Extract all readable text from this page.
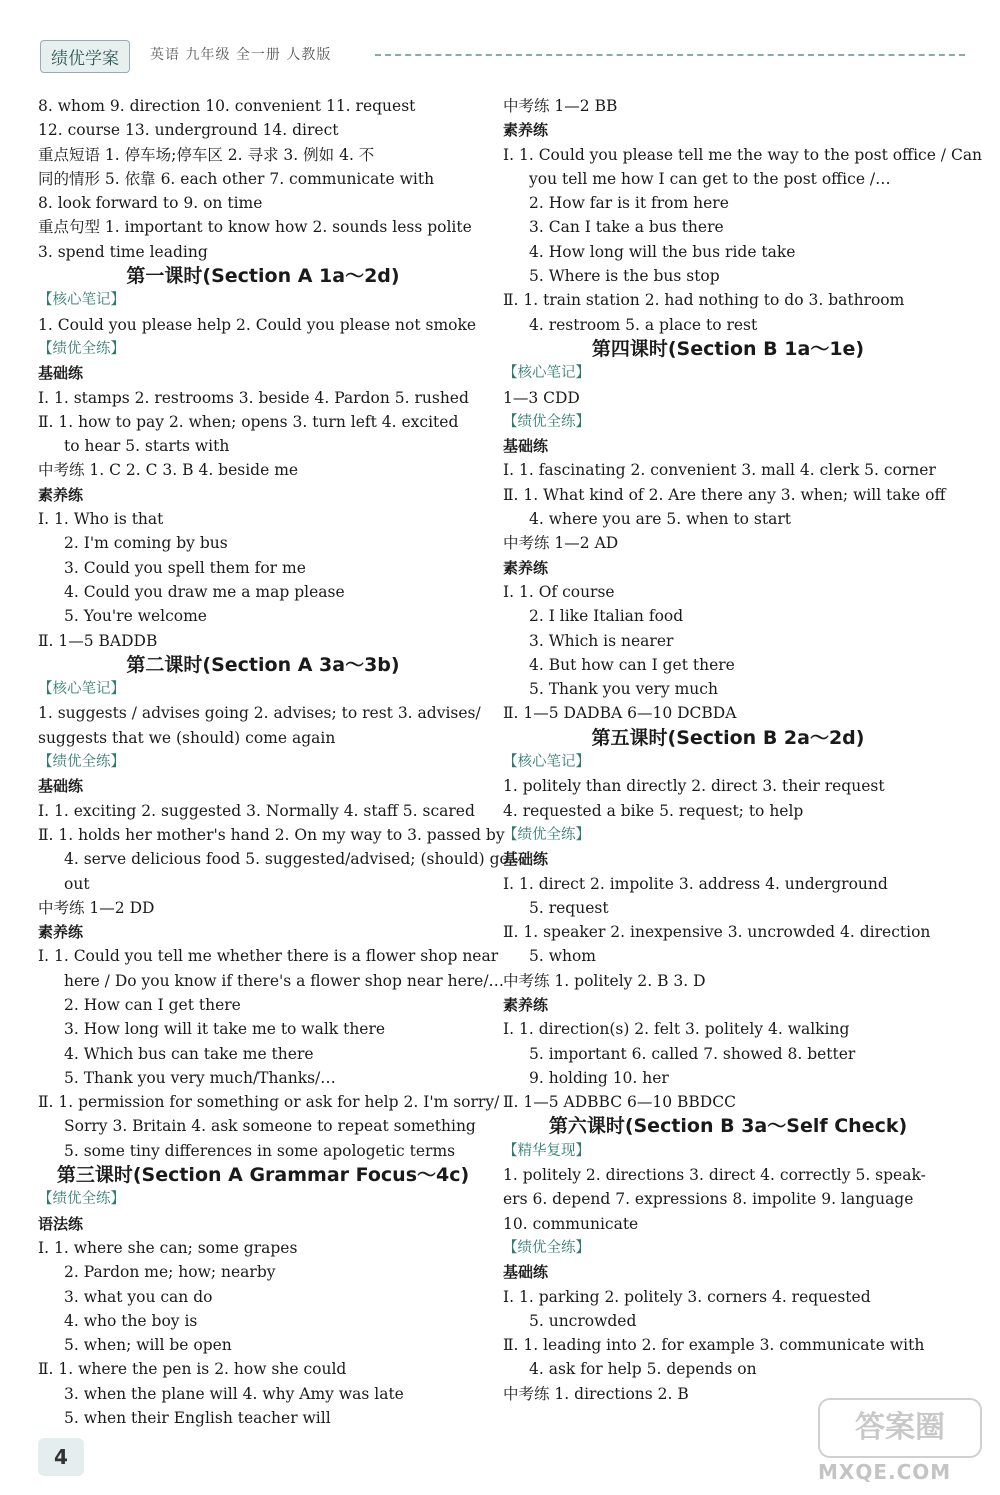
绩优学案	英语 九年级 全一册 人教版
8. whom 9. direction 10. convenient 11. request
12. course 13. underground 14. direct
重点短语 1. 停车场;停车区 2. 寻求 3. 例如 4. 不
同的情形 5. 依靠 6. each other 7. communicate with
8. look forward to 9. on time
重点句型 1. important to know how 2. sounds less polite
3. spend time leading
第一课时(Section A 1a～2d)
【核心笔记】
1. Could you please help 2. Could you please not smoke
【绩优全练】
基础练
Ⅰ. 1. stamps 2. restrooms 3. beside 4. Pardon 5. rushed
Ⅱ. 1. how to pay 2. when; opens 3. turn left 4. excited
to hear 5. starts with
中考练 1. C 2. C 3. B 4. beside me
素养练
Ⅰ. 1. Who is that
2. I'm coming by bus
3. Could you spell them for me
4. Could you draw me a map please
5. You're welcome
Ⅱ. 1—5 BADDB
第二课时(Section A 3a～3b)
【核心笔记】
1. suggests / advises going 2. advises; to rest 3. advises/
suggests that we (should) come again
【绩优全练】
基础练
Ⅰ. 1. exciting 2. suggested 3. Normally 4. staff 5. scared
Ⅱ. 1. holds her mother's hand 2. On my way to 3. passed by
4. serve delicious food 5. suggested/advised; (should) go
out
中考练 1—2 DD
素养练
Ⅰ. 1. Could you tell me whether there is a flower shop near
here / Do you know if there's a flower shop near here/…
2. How can I get there
3. How long will it take me to walk there
4. Which bus can take me there
5. Thank you very much/Thanks/…
Ⅱ. 1. permission for something or ask for help 2. I'm sorry/
Sorry 3. Britain 4. ask someone to repeat something
5. some tiny differences in some apologetic terms
第三课时(Section A Grammar Focus～4c)
【绩优全练】
语法练
Ⅰ. 1. where she can; some grapes
2. Pardon me; how; nearby
3. what you can do
4. who the boy is
5. when; will be open
Ⅱ. 1. where the pen is 2. how she could
3. when the plane will 4. why Amy was late
5. when their English teacher will
中考练 1—2 BB
素养练
Ⅰ. 1. Could you please tell me the way to the post office / Can
you tell me how I can get to the post office /…
2. How far is it from here
3. Can I take a bus there
4. How long will the bus ride take
5. Where is the bus stop
Ⅱ. 1. train station 2. had nothing to do 3. bathroom
4. restroom 5. a place to rest
第四课时(Section B 1a～1e)
【核心笔记】
1—3 CDD
【绩优全练】
基础练
Ⅰ. 1. fascinating 2. convenient 3. mall 4. clerk 5. corner
Ⅱ. 1. What kind of 2. Are there any 3. when; will take off
4. where you are 5. when to start
中考练 1—2 AD
素养练
Ⅰ. 1. Of course
2. I like Italian food
3. Which is nearer
4. But how can I get there
5. Thank you very much
Ⅱ. 1—5 DADBA 6—10 DCBDA
第五课时(Section B 2a～2d)
【核心笔记】
1. politely than directly 2. direct 3. their request
4. requested a bike 5. request; to help
【绩优全练】
基础练
Ⅰ. 1. direct 2. impolite 3. address 4. underground
5. request
Ⅱ. 1. speaker 2. inexpensive 3. uncrowded 4. direction
5. whom
中考练 1. politely 2. B 3. D
素养练
Ⅰ. 1. direction(s) 2. felt 3. politely 4. walking
5. important 6. called 7. showed 8. better
9. holding 10. her
Ⅱ. 1—5 ADBBC 6—10 BBDCC
第六课时(Section B 3a～Self Check)
【精华复现】
1. politely 2. directions 3. direct 4. correctly 5. speak-
ers 6. depend 7. expressions 8. impolite 9. language
10. communicate
【绩优全练】
基础练
Ⅰ. 1. parking 2. politely 3. corners 4. requested
5. uncrowded
Ⅱ. 1. leading into 2. for example 3. communicate with
4. ask for help 5. depends on
中考练 1. directions 2. B
4
答案圈
MXQE.COM
